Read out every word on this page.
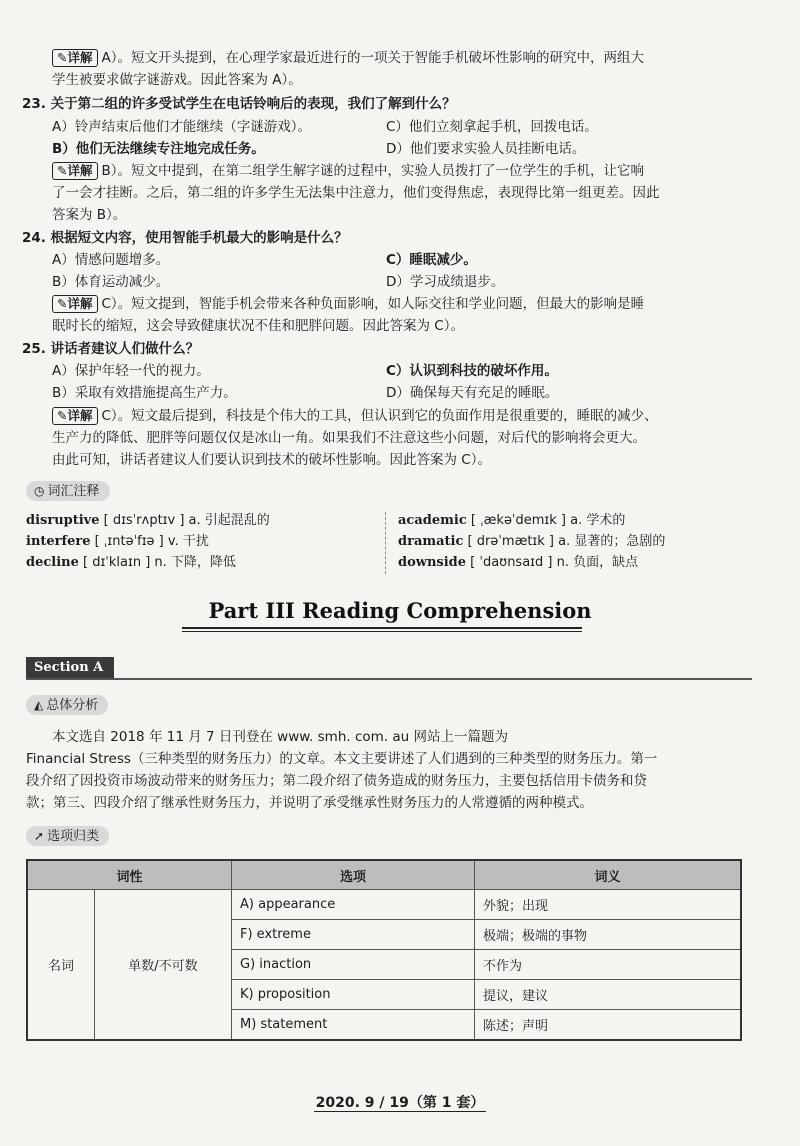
✎详解 A）。短文开头提到，在心理学家最近进行的一项关于智能手机破坏性影响的研究中，两组大
学生被要求做字谜游戏。因此答案为 A）。
23. 关于第二组的许多受试学生在电话铃响后的表现，我们了解到什么？
A）铃声结束后他们才能继续（字谜游戏）。	C）他们立刻拿起手机，回拨电话。
B）他们无法继续专注地完成任务。	D）他们要求实验人员挂断电话。
✎详解 B）。短文中提到，在第二组学生解字谜的过程中，实验人员拨打了一位学生的手机，让它响
了一会才挂断。之后，第二组的许多学生无法集中注意力，他们变得焦虑，表现得比第一组更差。因此
答案为 B）。
24. 根据短文内容，使用智能手机最大的影响是什么？
A）情感问题增多。	C）睡眠减少。
B）体育运动减少。	D）学习成绩退步。
✎详解 C）。短文提到，智能手机会带来各种负面影响，如人际交往和学业问题，但最大的影响是睡
眠时长的缩短，这会导致健康状况不佳和肥胖问题。因此答案为 C）。
25. 讲话者建议人们做什么？
A）保护年轻一代的视力。	C）认识到科技的破坏作用。
B）采取有效措施提高生产力。	D）确保每天有充足的睡眠。
✎详解 C）。短文最后提到，科技是个伟大的工具，但认识到它的负面作用是很重要的，睡眠的减少、
生产力的降低、肥胖等问题仅仅是冰山一角。如果我们不注意这些小问题，对后代的影响将会更大。
由此可知，讲话者建议人们要认识到技术的破坏性影响。因此答案为 C）。
◷ 词汇注释
disruptive [ dɪsˈrʌptɪv ] a. 引起混乱的
interfere [ ˌɪntəˈfɪə ] v. 干扰
decline [ dɪˈklaɪn ] n. 下降，降低
academic [ ˌækəˈdemɪk ] a. 学术的
dramatic [ drəˈmætɪk ] a. 显著的；急剧的
downside [ ˈdaʊnsaɪd ] n. 负面，缺点
Part III Reading Comprehension
Section A
◭ 总体分析
本文选自 2018 年 11 月 7 日刊登在 www. smh. com. au 网站上一篇题为
Financial Stress（三种类型的财务压力）的文章。本文主要讲述了人们遇到的三种类型的财务压力。第一
段介绍了因投资市场波动带来的财务压力；第二段介绍了债务造成的财务压力，主要包括信用卡债务和贷
款；第三、四段介绍了继承性财务压力，并说明了承受继承性财务压力的人常遵循的两种模式。
➚ 选项归类
词性		选项	词义
名词	单数/不可数	A) appearance	外貌；出现
		F) extreme	极端；极端的事物
		G) inaction	不作为
		K) proposition	提议，建议
		M) statement	陈述；声明
2020. 9 / 19（第 1 套）
